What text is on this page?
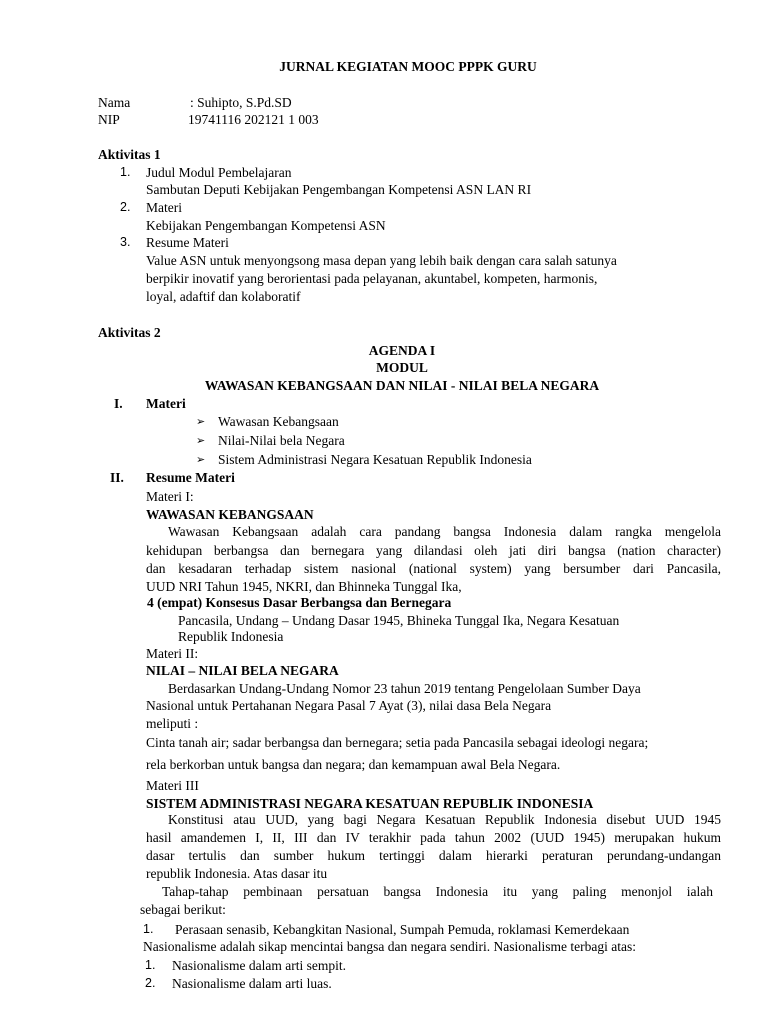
JURNAL KEGIATAN MOOC PPPK GURU
Nama	: Suhipto, S.Pd.SD
NIP	19741116 202121 1 003
Aktivitas 1
1. Judul Modul Pembelajaran
Sambutan Deputi Kebijakan Pengembangan Kompetensi ASN LAN RI
2. Materi
Kebijakan Pengembangan Kompetensi ASN
3. Resume Materi
Value ASN untuk menyongsong masa depan yang lebih baik dengan cara salah satunya
berpikir inovatif yang berorientasi pada pelayanan, akuntabel, kompeten, harmonis,
loyal, adaftif dan kolaboratif
Aktivitas 2
AGENDA I
MODUL
WAWASAN KEBANGSAAN DAN NILAI - NILAI BELA NEGARA
I. Materi
➢ Wawasan Kebangsaan
➢ Nilai-Nilai bela Negara
➢ Sistem Administrasi Negara Kesatuan Republik Indonesia
II. Resume Materi
Materi I:
WAWASAN KEBANGSAAN
Wawasan Kebangsaan adalah cara pandang bangsa Indonesia dalam rangka mengelola
kehidupan berbangsa dan bernegara yang dilandasi oleh jati diri bangsa (nation character)
dan kesadaran terhadap sistem nasional (national system) yang bersumber dari Pancasila,
UUD NRI Tahun 1945, NKRI, dan Bhinneka Tunggal Ika,
4 (empat) Konsesus Dasar Berbangsa dan Bernegara
Pancasila, Undang – Undang Dasar 1945, Bhineka Tunggal Ika, Negara Kesatuan
Republik Indonesia
Materi II:
NILAI – NILAI BELA NEGARA
Berdasarkan Undang-Undang Nomor 23 tahun 2019 tentang Pengelolaan Sumber Daya
Nasional untuk Pertahanan Negara Pasal 7 Ayat (3), nilai dasa Bela Negara
meliputi :
Cinta tanah air; sadar berbangsa dan bernegara; setia pada Pancasila sebagai ideologi negara;
rela berkorban untuk bangsa dan negara; dan kemampuan awal Bela Negara.
Materi III
SISTEM ADMINISTRASI NEGARA KESATUAN REPUBLIK INDONESIA
Konstitusi atau UUD, yang bagi Negara Kesatuan Republik Indonesia disebut UUD 1945
hasil amandemen I, II, III dan IV terakhir pada tahun 2002 (UUD 1945) merupakan hukum
dasar tertulis dan sumber hukum tertinggi dalam hierarki peraturan perundang-undangan
republik Indonesia. Atas dasar itu
Tahap-tahap pembinaan persatuan bangsa Indonesia itu yang paling menonjol ialah
sebagai berikut:
1. Perasaan senasib, Kebangkitan Nasional, Sumpah Pemuda, roklamasi Kemerdekaan
Nasionalisme adalah sikap mencintai bangsa dan negara sendiri. Nasionalisme terbagi atas:
1. Nasionalisme dalam arti sempit.
2. Nasionalisme dalam arti luas.
